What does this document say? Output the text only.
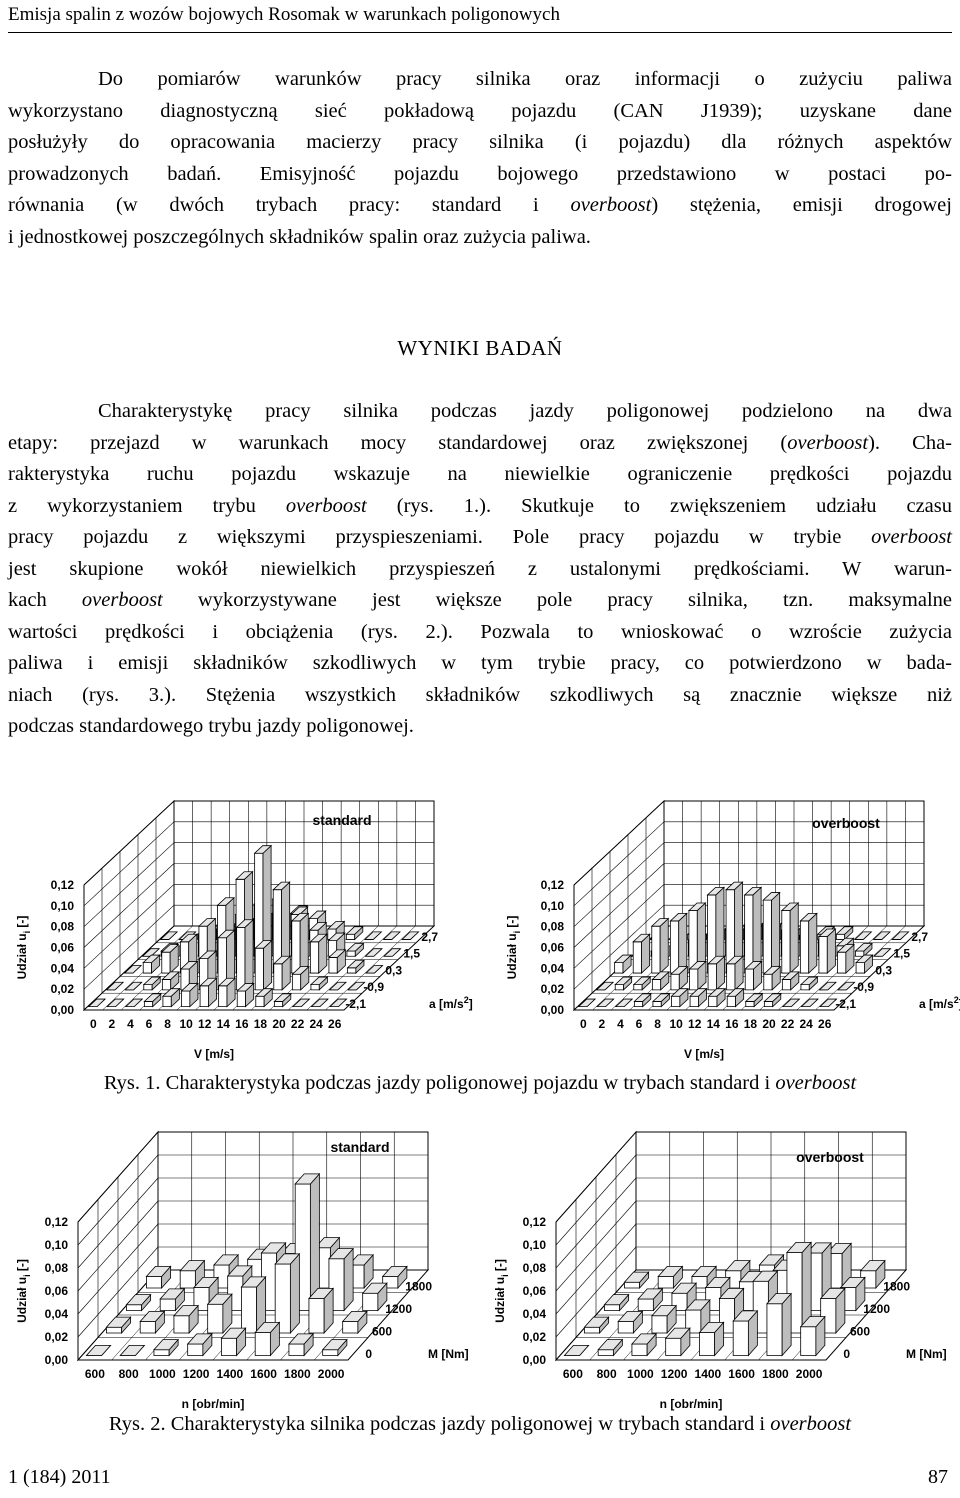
Emisja spalin z wozów bojowych Rosomak w warunkach poligonowych
Do pomiarów warunków pracy silnika oraz informacji o zużyciu paliwa
wykorzystano diagnostyczną sieć pokładową pojazdu (CAN J1939); uzyskane dane
posłużyły do opracowania macierzy pracy silnika (i pojazdu) dla różnych aspektów
prowadzonych badań. Emisyjność pojazdu bojowego przedstawiono w postaci po-
równania (w dwóch trybach pracy: standard i overboost) stężenia, emisji drogowej
i jednostkowej poszczególnych składników spalin oraz zużycia paliwa.
WYNIKI BADAŃ
Charakterystykę pracy silnika podczas jazdy poligonowej podzielono na dwa
etapy: przejazd w warunkach mocy standardowej oraz zwiększonej (overboost). Cha-
rakterystyka ruchu pojazdu wskazuje na niewielkie ograniczenie prędkości pojazdu
z wykorzystaniem trybu overboost (rys. 1.). Skutkuje to zwiększeniem udziału czasu
pracy pojazdu z większymi przyspieszeniami. Pole pracy pojazdu w trybie overboost
jest skupione wokół niewielkich przyspieszeń z ustalonymi prędkościami. W warun-
kach overboost wykorzystywane jest większe pole pracy silnika, tzn. maksymalne
wartości prędkości i obciążenia (rys. 2.). Pozwala to wnioskować o wzroście zużycia
paliwa i emisji składników szkodliwych w tym trybie pracy, co potwierdzono w bada-
niach (rys. 3.). Stężenia wszystkich składników szkodliwych są znacznie większe niż
podczas standardowego trybu jazdy poligonowej.
0,12
0,10
0,08
0,06
0,04
0,02
0,00
0 2 4 6 8 10 12 14 16 18 20 22 24 26
V [m/s]
2,7
1,5
0,3
-0,9
-2,1	a $[m/s^2]$
Udział $u_i$ [-]
standard
0,12
0,10
0,08
0,06
0,04
0,02
0,00
0 2 4 6 8 10 12 14 16 18 20 22 24 26
V [m/s]
2,7
1,5
0,3
-0,9
-2,1	a [$m/s^2$
Udział $u_i$ [-]
overboost
Rys. 1. Charakterystyka podczas jazdy poligonowej pojazdu w trybach standard i overboost
0,12
0,10
0,08
0,06
0,04
0,02
0,00
600 800 1000 1200 1400 1600 1800 2000
n [obr/min]
1800
1200
600
0	M [Nm]
Udział $u_i$ [-]
standard
0,12
0,10
0,08
0,06
0,04
0,02
0,00
600 800 1000 1200 1400 1600 1800 2000
n [obr/min]
1800
1200
600
0	M [Nm]
Udział $u_i$ [-]
overboost
Rys. 2. Charakterystyka silnika podczas jazdy poligonowej w trybach standard i overboost
1 (184) 2011	87
